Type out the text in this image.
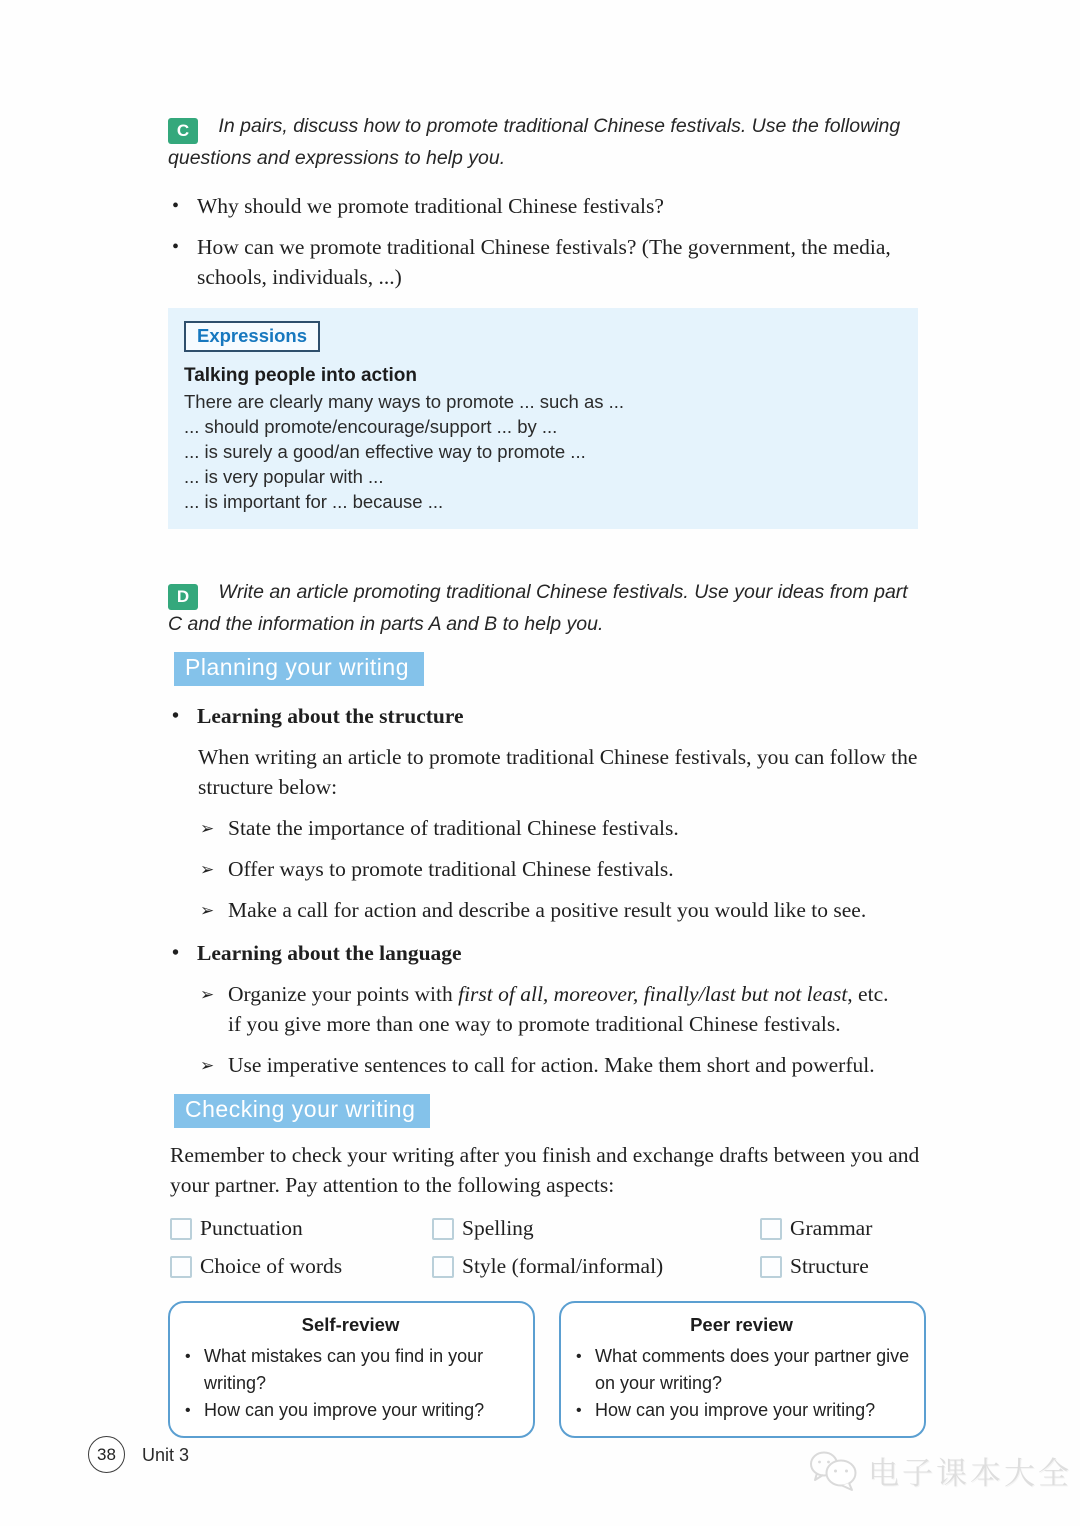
C In pairs, discuss how to promote traditional Chinese festivals. Use the following questions and expressions to help you.
• Why should we promote traditional Chinese festivals?
• How can we promote traditional Chinese festivals? (The government, the media, schools, individuals, ...)
Expressions
Talking people into action
There are clearly many ways to promote ... such as ...
... should promote/encourage/support ... by ...
... is surely a good/an effective way to promote ...
... is very popular with ...
... is important for ... because ...
D Write an article promoting traditional Chinese festivals. Use your ideas from part C and the information in parts A and B to help you.
Planning your writing
• Learning about the structure

When writing an article to promote traditional Chinese festivals, you can follow the structure below:

➢ State the importance of traditional Chinese festivals.
➢ Offer ways to promote traditional Chinese festivals.
➢ Make a call for action and describe a positive result you would like to see.
• Learning about the language
➢ Organize your points with first of all, moreover, finally/last but not least, etc. if you give more than one way to promote traditional Chinese festivals.
➢ Use imperative sentences to call for action. Make them short and powerful.
Checking your writing

Remember to check your writing after you finish and exchange drafts between you and your partner. Pay attention to the following aspects:

Punctuation	Spelling	Grammar
Choice of words	Style (formal/informal)	Structure
Self-review
• What mistakes can you find in your writing?
• How can you improve your writing?
Peer review
• What comments does your partner give on your writing?
• How can you improve your writing?
38	Unit 3
电子课本大全
